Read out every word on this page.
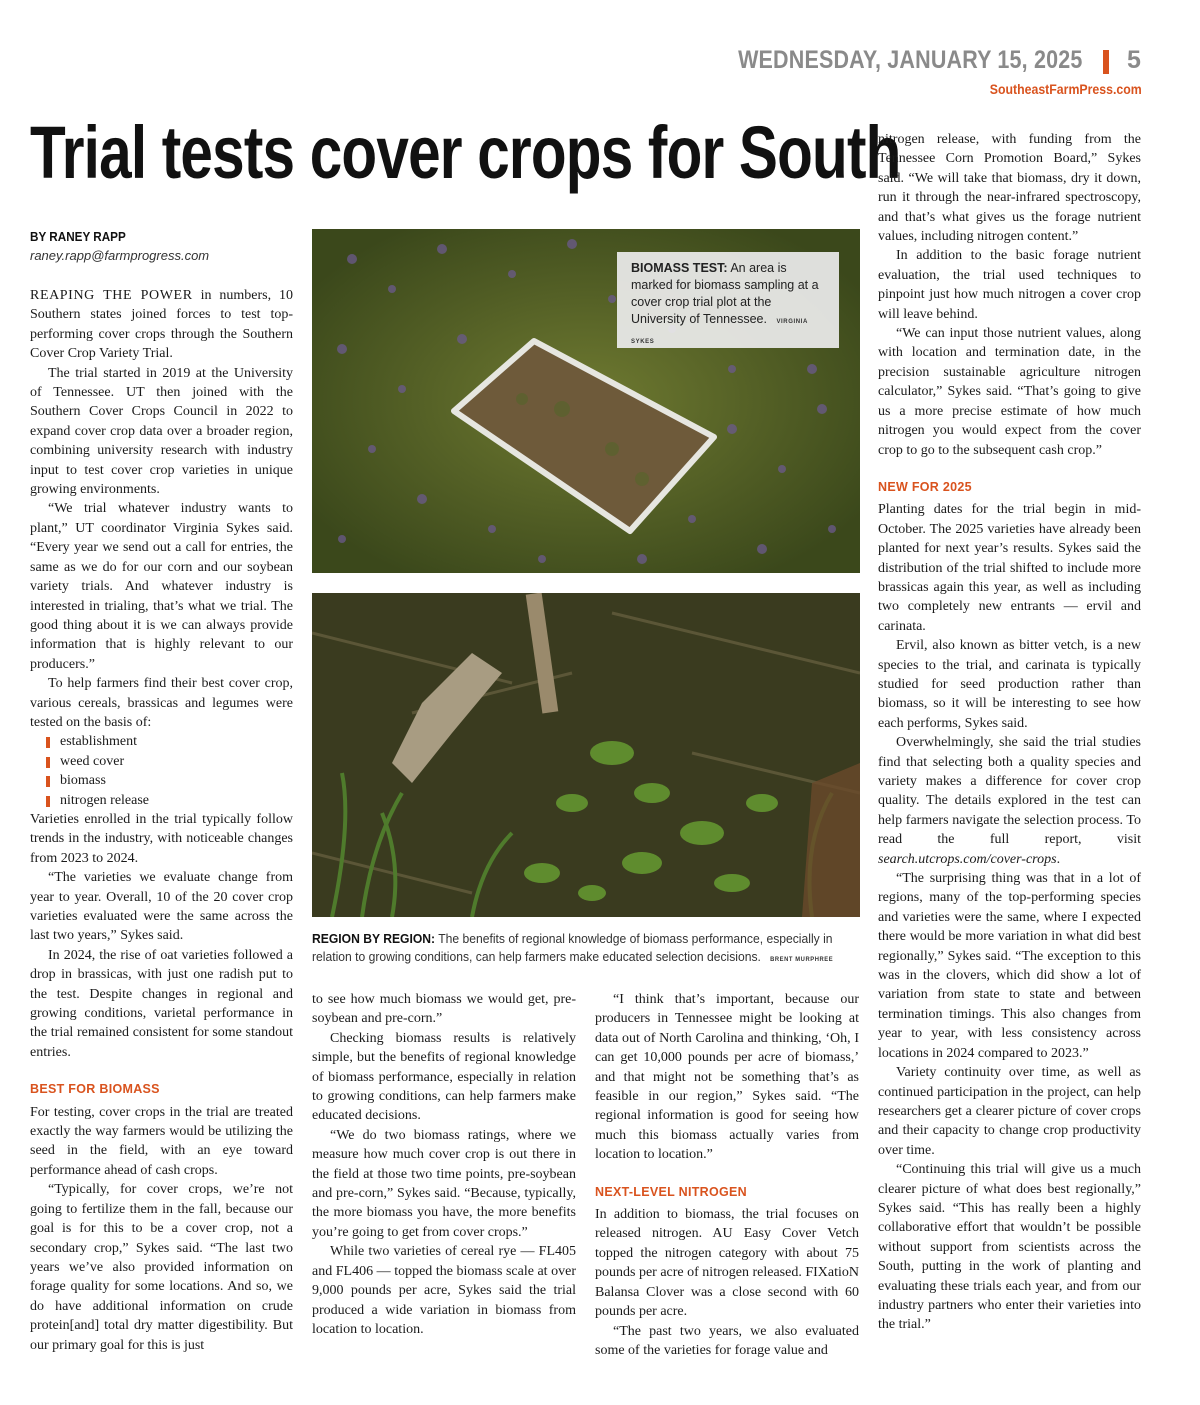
WEDNESDAY, JANUARY 15, 2025 5
SoutheastFarmPress.com
Trial tests cover crops for South
BY RANEY RAPP
raney.rapp@farmprogress.com

REAPING THE POWER in numbers, 10 Southern states joined forces to test top-performing cover crops through the Southern Cover Crop Variety Trial.

The trial started in 2019 at the University of Tennessee. UT then joined with the Southern Cover Crops Council in 2022 to expand cover crop data over a broader region, combining university research with industry input to test cover crop varieties in unique growing environments.

“We trial whatever industry wants to plant,” UT coordinator Virginia Sykes said. “Every year we send out a call for entries, the same as we do for our corn and our soybean variety trials. And whatever industry is interested in trialing, that’s what we trial. The good thing about it is we can always provide information that is highly relevant to our producers.”

To help farmers find their best cover crop, various cereals, brassicas and legumes were tested on the basis of:

establishment
weed cover
biomass
nitrogen release

Varieties enrolled in the trial typically follow trends in the industry, with noticeable changes from 2023 to 2024.

“The varieties we evaluate change from year to year. Overall, 10 of the 20 cover crop varieties evaluated were the same across the last two years,” Sykes said.

In 2024, the rise of oat varieties followed a drop in brassicas, with just one radish put to the test. Despite changes in regional and growing conditions, varietal performance in the trial remained consistent for some standout entries.

BEST FOR BIOMASS

For testing, cover crops in the trial are treated exactly the way farmers would be utilizing the seed in the field, with an eye toward performance ahead of cash crops.

“Typically, for cover crops, we’re not going to fertilize them in the fall, because our goal is for this to be a cover crop, not a secondary crop,” Sykes said. “The last two years we’ve also provided information on forage quality for some locations. And so, we do have additional information on crude protein[and] total dry matter digestibility. But our primary goal for this is just

BIOMASS TEST: An area is marked for biomass sampling at a cover crop trial plot at the University of Tennessee. VIRGINIA SYKES
REGION BY REGION: The benefits of regional knowledge of biomass performance, especially in relation to growing conditions, can help farmers make educated selection decisions. BRENT MURPHREE

to see how much biomass we would get, pre-soybean and pre-corn.”

Checking biomass results is relatively simple, but the benefits of regional knowledge of biomass performance, especially in relation to growing conditions, can help farmers make educated decisions.

“We do two biomass ratings, where we measure how much cover crop is out there in the field at those two time points, pre-soybean and pre-corn,” Sykes said. “Because, typically, the more biomass you have, the more benefits you’re going to get from cover crops.”

While two varieties of cereal rye — FL405 and FL406 — topped the biomass scale at over 9,000 pounds per acre, Sykes said the trial produced a wide variation in biomass from location to location.

“I think that’s important, because our producers in Tennessee might be looking at data out of North Carolina and thinking, ‘Oh, I can get 10,000 pounds per acre of biomass,’ and that might not be something that’s as feasible in our region,” Sykes said. “The regional information is good for seeing how much this biomass actually varies from location to location.”

NEXT-LEVEL NITROGEN

In addition to biomass, the trial focuses on released nitrogen. AU Easy Cover Vetch topped the nitrogen category with about 75 pounds per acre of nitrogen released. FIXatioN Balansa Clover was a close second with 60 pounds per acre.

“The past two years, we also evaluated some of the varieties for forage value and

nitrogen release, with funding from the Tennessee Corn Promotion Board,” Sykes said. “We will take that biomass, dry it down, run it through the near-infrared spectroscopy, and that’s what gives us the forage nutrient values, including nitrogen content.”

In addition to the basic forage nutrient evaluation, the trial used techniques to pinpoint just how much nitrogen a cover crop will leave behind.

“We can input those nutrient values, along with location and termination date, in the precision sustainable agriculture nitrogen calculator,” Sykes said. “That’s going to give us a more precise estimate of how much nitrogen you would expect from the cover crop to go to the subsequent cash crop.”

NEW FOR 2025

Planting dates for the trial begin in mid-October. The 2025 varieties have already been planted for next year’s results. Sykes said the distribution of the trial shifted to include more brassicas again this year, as well as including two completely new entrants — ervil and carinata.

Ervil, also known as bitter vetch, is a new species to the trial, and carinata is typically studied for seed production rather than biomass, so it will be interesting to see how each performs, Sykes said.

Overwhelmingly, she said the trial studies find that selecting both a quality species and variety makes a difference for cover crop quality. The details explored in the test can help farmers navigate the selection process. To read the full report, visit search.utcrops.com/cover-crops.

“The surprising thing was that in a lot of regions, many of the top-performing species and varieties were the same, where I expected there would be more variation in what did best regionally,” Sykes said. “The exception to this was in the clovers, which did show a lot of variation from state to state and between termination timings. This also changes from year to year, with less consistency across locations in 2024 compared to 2023.”

Variety continuity over time, as well as continued participation in the project, can help researchers get a clearer picture of cover crops and their capacity to change crop productivity over time.

“Continuing this trial will give us a much clearer picture of what does best regionally,” Sykes said. “This has really been a highly collaborative effort that wouldn’t be possible without support from scientists across the South, putting in the work of planting and evaluating these trials each year, and from our industry partners who enter their varieties into the trial.”
